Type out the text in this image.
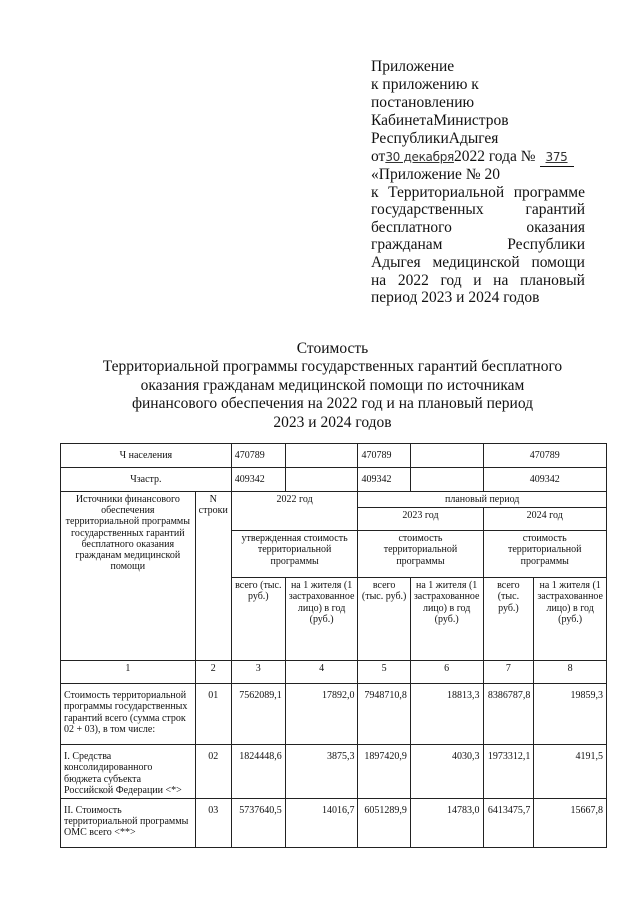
Приложение
к приложению к постановлению
КабинетаМинистров
РеспубликиАдыгея
от30 декабря2022 года № 375
«Приложение № 20
к Территориальной программе
государственных	гарантий
бесплатного	оказания
гражданам	Республики
Адыгея медицинской помощи
на 2022 год и на плановый
период 2023 и 2024 годов
Стоимость
Территориальной программы государственных гарантий бесплатного
оказания гражданам медицинской помощи по источникам
финансового обеспечения на 2022 год и на плановый период
2023 и 2024 годов
Ч населения		470789		470789		470789	
Чзастр.		409342		409342		409342	
Источники финансового обеспечения территориальной программы государственных гарантий бесплатного оказания гражданам медицинской помощи	N строки	2022 год		плановый период			
				2023 год		2024 год	
		утвержденная стоимость территориальной программы		стоимость территориальной программы		стоимость территориальной программы	
		всего (тыс. руб.)	на 1 жителя (1 застрахованное лицо) в год (руб.)	всего (тыс. руб.)	на 1 жителя (1 застрахованное лицо) в год (руб.)	всего (тыс. руб.)	на 1 жителя (1 застрахованное лицо) в год (руб.)
1	2	3	4	5	6	7	8
Стоимость территориальной программы государственных гарантий всего (сумма строк 02 + 03), в том числе:	01	7562089,1	17892,0	7948710,8	18813,3	8386787,8	19859,3
I. Средства консолидированного бюджета субъекта Российской Федерации <*>	02	1824448,6	3875,3	1897420,9	4030,3	1973312,1	4191,5
II. Стоимость территориальной программы ОМС всего <**>	03	5737640,5	14016,7	6051289,9	14783,0	6413475,7	15667,8
